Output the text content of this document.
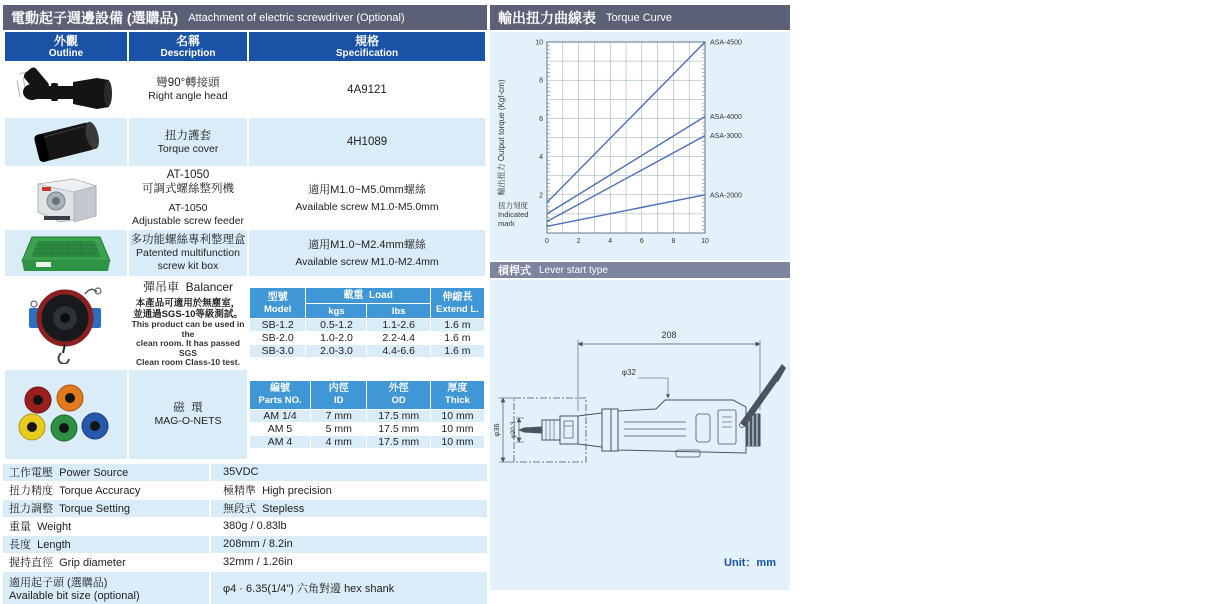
電動起子週邊設備 (選購品) Attachment of electric screwdriver (Optional)
外觀
Outline

名稱
Description

規格
Specification

彎90°轉接頭
Right angle head

4A9121

扭力護套
Torque cover

4H1089

AT-1050
可調式螺絲整列機
AT-1050
Adjustable screw feeder

適用M1.0~M5.0mm螺絲
Available screw M1.0-M5.0mm

多功能螺絲專利整理盒
Patented multifunction
screw kit box

適用M1.0~M2.4mm螺絲
Available screw M1.0-M2.4mm

彈吊車  Balancer
本產品可適用於無塵室，
並通過SGS-10等級測試。
This product can be used in the
clean room. It has passed SGS
Clean room Class-10 test.

型號
Model

載重  Load	伸縮長
Extend L.

kgs	lbs

SB-1.2	0.5-1.2	1.1-2.6	1.6 m
SB-2.0	1.0-2.0	2.2-4.4	1.6 m
SB-3.0	2.0-3.0	4.4-6.6	1.6 m

磁  環
MAG-O-NETS

編號
Parts NO.

内徑
ID

外徑
OD

厚度
Thick

AM 1/4	7 mm	17.5 mm	10 mm
AM 5	5 mm	17.5 mm	10 mm
AM 4	4 mm	17.5 mm	10 mm
工作電壓  Power Source	35VDC
扭力精度  Torque Accuracy	極精準  High precision
扭力調整  Torque Setting	無段式  Stepless
重量  Weight	380g / 0.83lb
長度  Length	208mm / 8.2in
握持直徑  Grip diameter	32mm / 1.26in
適用起子頭 (選購品)
Available bit size (optional)
φ4 · 6.35(1/4") 六角對邊 hex shank
輸出扭力曲線表 Torque Curve
2
4
6
8
10
0	2	4	6	8	10
ASA-4500
ASA-4000
ASA-3000
ASA-2000
輸出扭力 Output torque (Kgf-cm)
扭力刻度
Indicated
mark
槓桿式 Lever start type
208
φ32
φ36 φ20.3
Unit：mm
